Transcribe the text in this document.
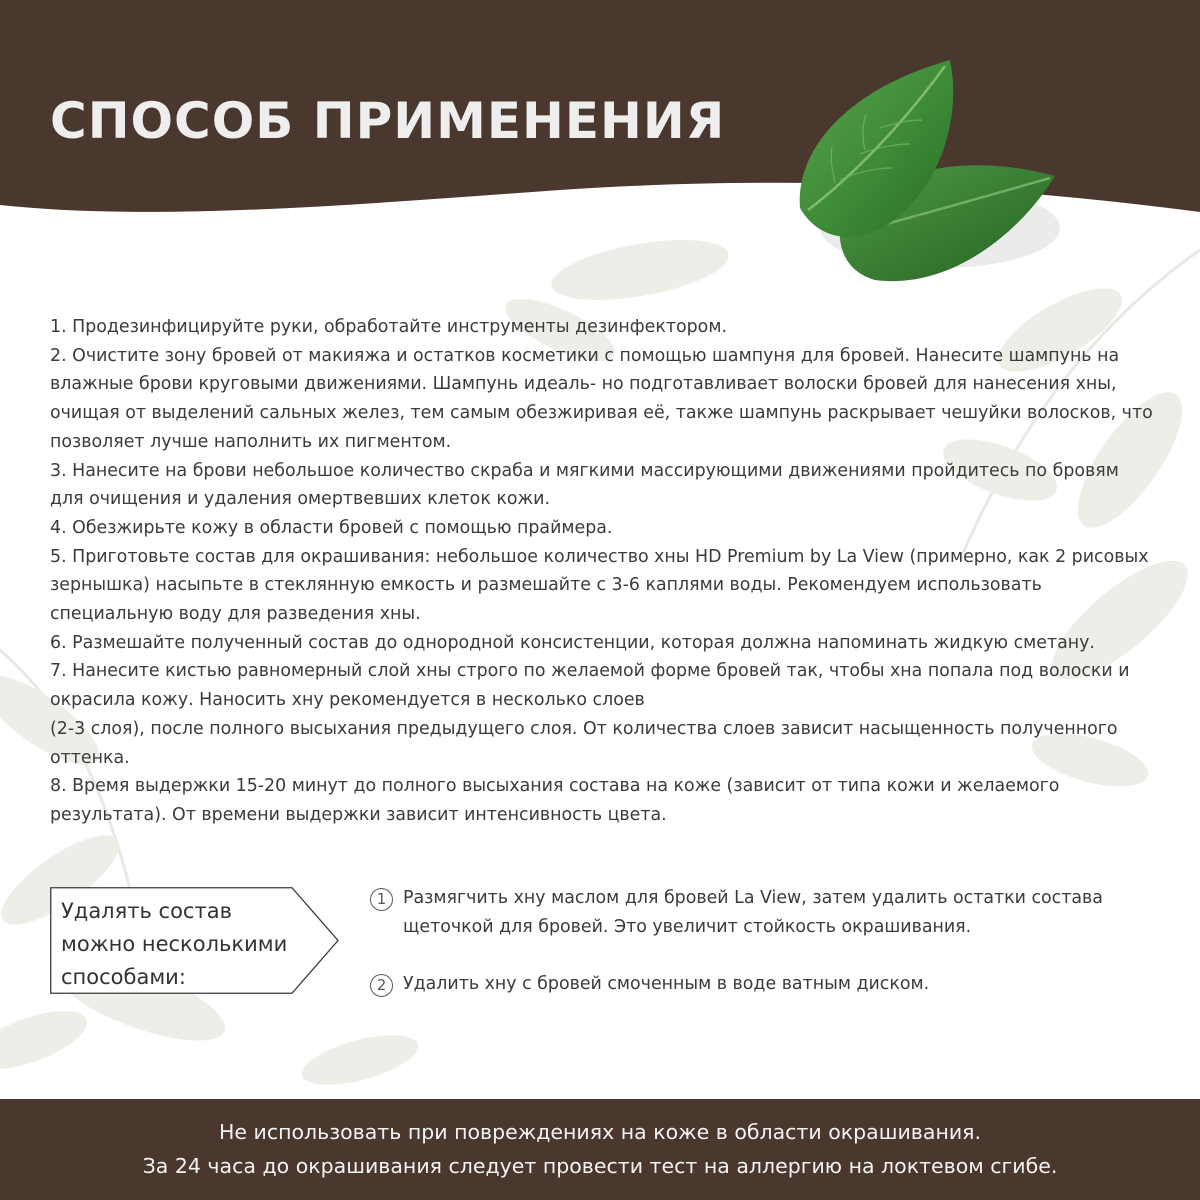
СПОСОБ ПРИМЕНЕНИЯ

1. Продезинфицируйте руки, обработайте инструменты дезинфектором.

2. Очистите зону бровей от макияжа и остатков косметики с помощью шампуня для бровей. Нанесите шампунь на влажные брови круговыми движениями. Шампунь идеаль- но подготавливает волоски бровей для нанесения хны, очищая от выделений сальных желез, тем самым обезжиривая её, также шампунь раскрывает чешуйки волосков, что позволяет лучше наполнить их пигментом.

3. Нанесите на брови небольшое количество скраба и мягкими массирующими движениями пройдитесь по бровям для очищения и удаления омертвевших клеток кожи.

4. Обезжирьте кожу в области бровей с помощью праймера.

5. Приготовьте состав для окрашивания: небольшое количество хны HD Premium by La View (примерно, как 2 рисовых зернышка) насыпьте в стеклянную емкость и размешайте с 3-6 каплями воды. Рекомендуем использовать специальную воду для разведения хны.

6. Размешайте полученный состав до однородной консистенции, которая должна напоминать жидкую сметану.

7. Нанесите кистью равномерный слой хны строго по желаемой форме бровей так, чтобы хна попала под волоски и окрасила кожу. Наносить хну рекомендуется в несколько слоев
(2-3 слоя), после полного высыхания предыдущего слоя. От количества слоев зависит насыщенность полученного оттенка.

8. Время выдержки 15-20 минут до полного высыхания состава на коже (зависит от типа кожи и желаемого результата). От времени выдержки зависит интенсивность цвета.

Удалять состав можно несколькими способами:
1 Размягчить хну маслом для бровей La View, затем удалить остатки состава щеточкой для бровей. Это увеличит стойкость окрашивания.
2 Удалить хну с бровей смоченным в воде ватным диском.

Не использовать при повреждениях на коже в области окрашивания.

За 24 часа до окрашивания следует провести тест на аллергию на локтевом сгибе.
